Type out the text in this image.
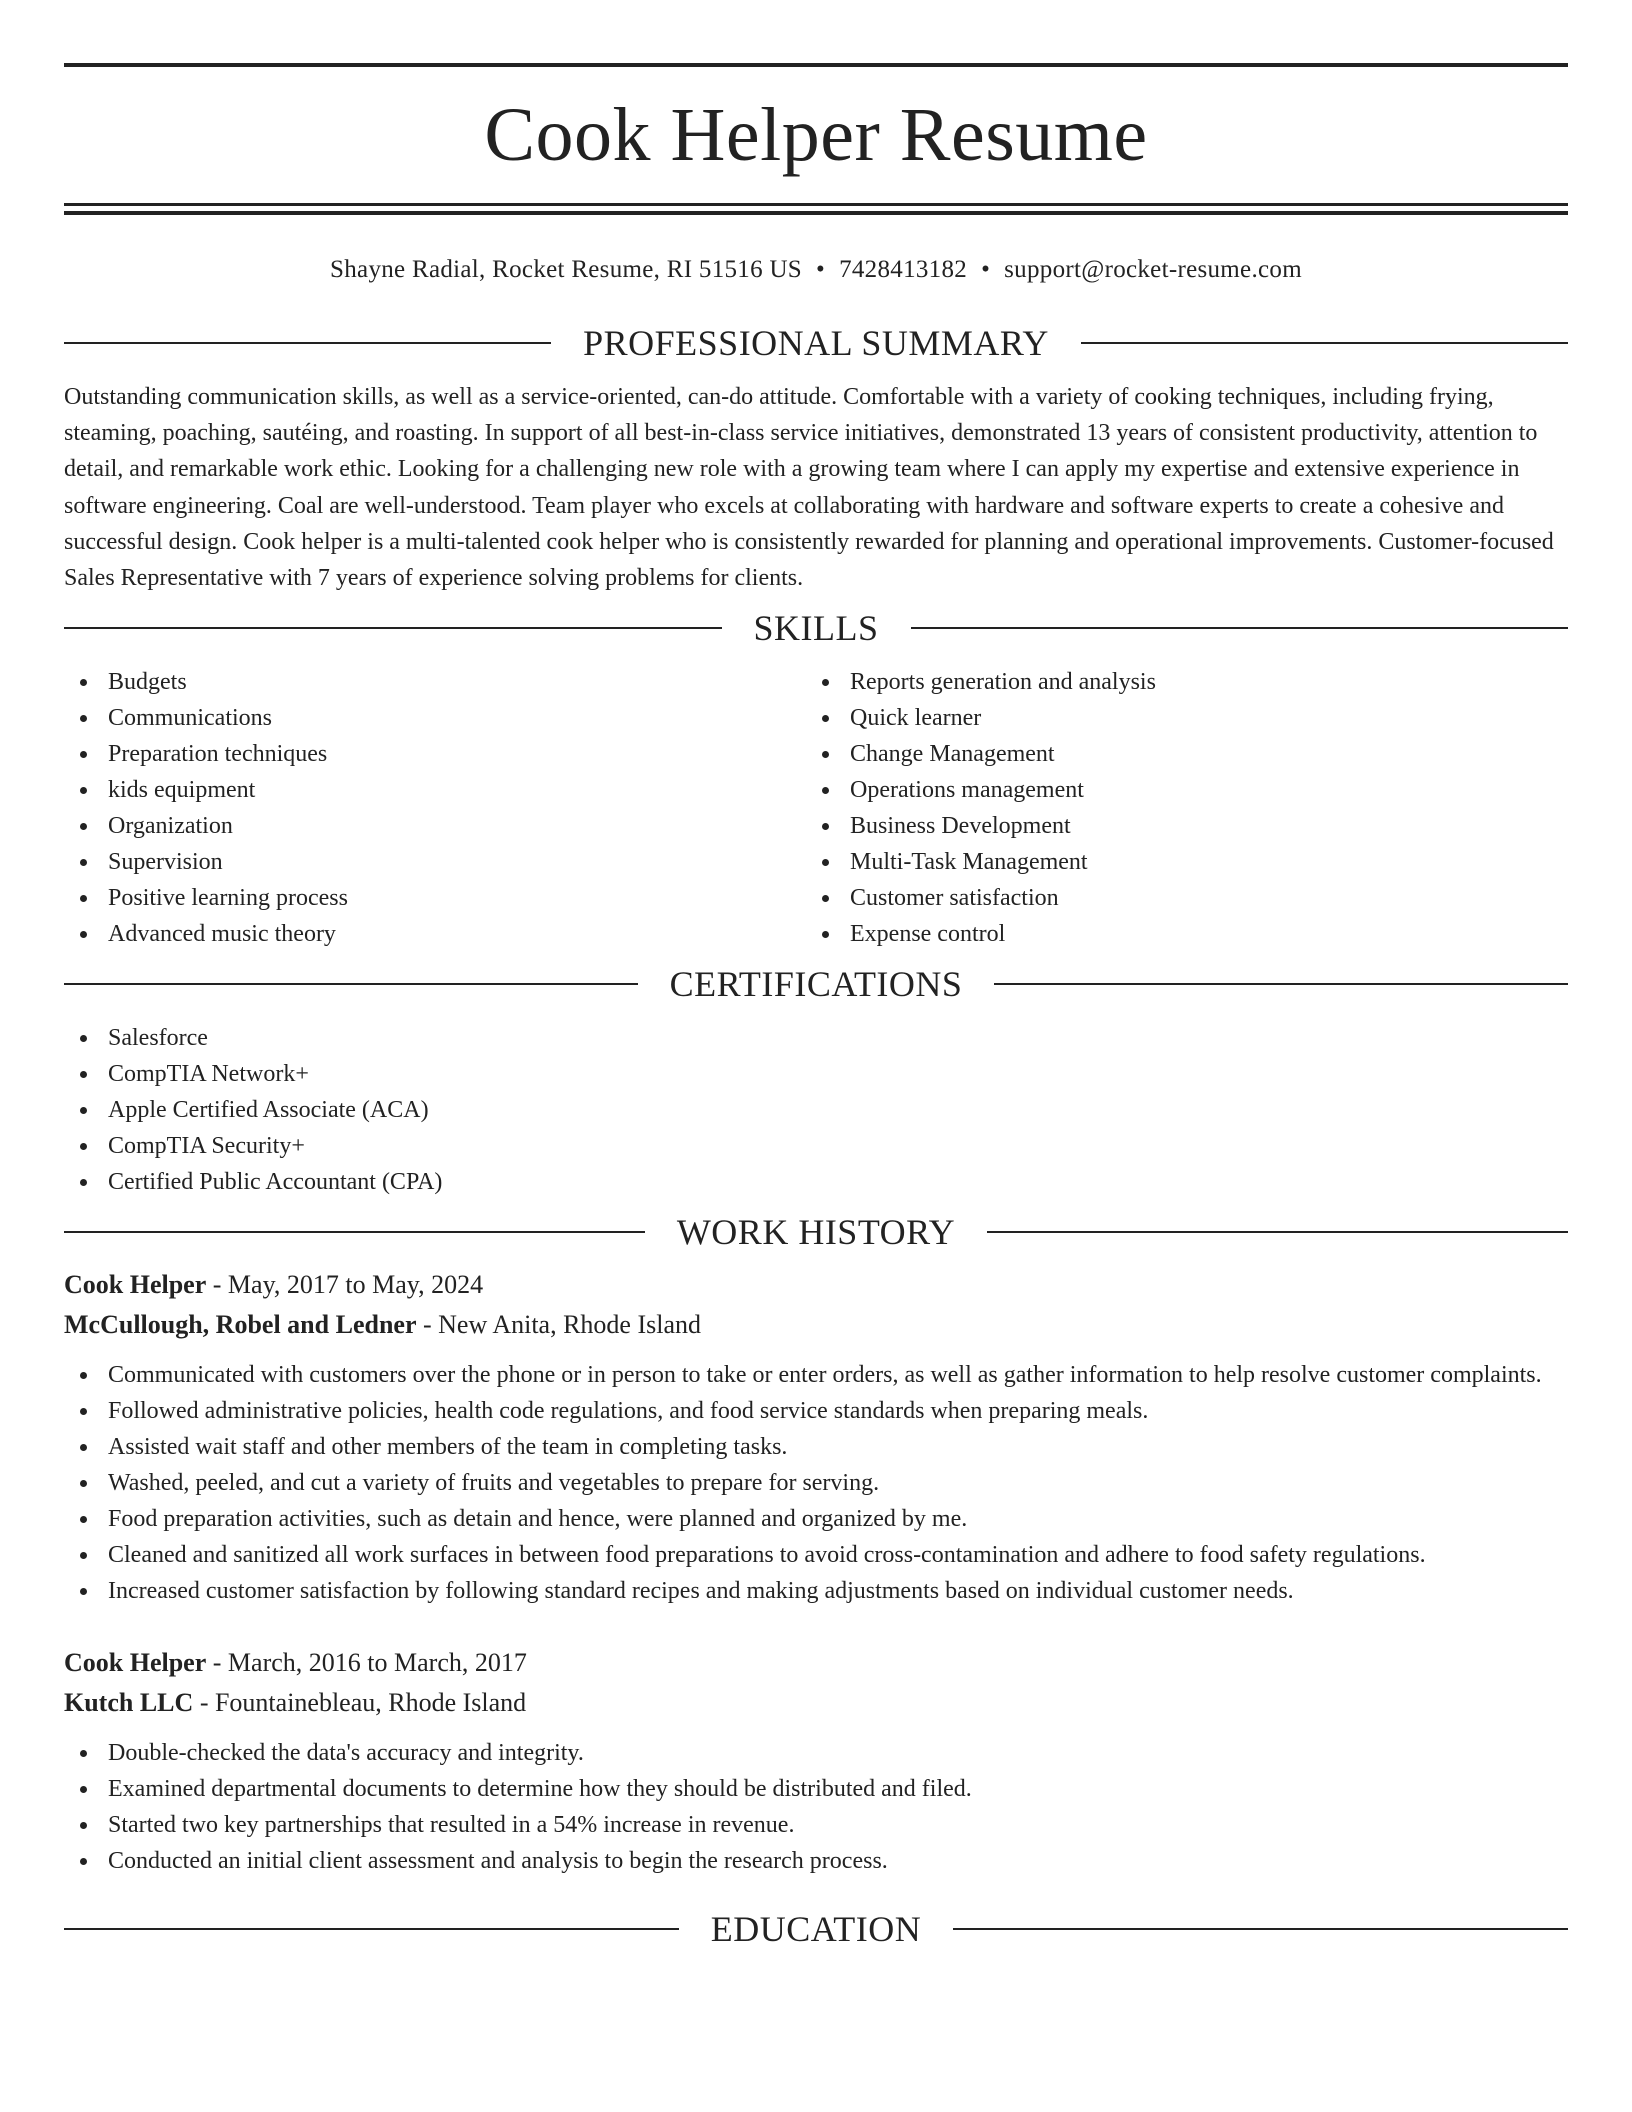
Cook Helper Resume
Shayne Radial, Rocket Resume, RI 51516 US • 7428413182 • support@rocket-resume.com
PROFESSIONAL SUMMARY

Outstanding communication skills, as well as a service-oriented, can-do attitude. Comfortable with a variety of cooking techniques, including frying, steaming, poaching, sautéing, and roasting. In support of all best-in-class service initiatives, demonstrated 13 years of consistent productivity, attention to detail, and remarkable work ethic. Looking for a challenging new role with a growing team where I can apply my expertise and extensive experience in software engineering. Coal are well-understood. Team player who excels at collaborating with hardware and software experts to create a cohesive and successful design. Cook helper is a multi-talented cook helper who is consistently rewarded for planning and operational improvements. Customer-focused Sales Representative with 7 years of experience solving problems for clients.

SKILLS
Budgets
Communications
Preparation techniques
kids equipment
Organization
Supervision
Positive learning process
Advanced music theory
Reports generation and analysis
Quick learner
Change Management
Operations management
Business Development
Multi-Task Management
Customer satisfaction
Expense control
CERTIFICATIONS
Salesforce
CompTIA Network+
Apple Certified Associate (ACA)
CompTIA Security+
Certified Public Accountant (CPA)
WORK HISTORY
Cook Helper - May, 2017 to May, 2024
McCullough, Robel and Ledner - New Anita, Rhode Island
Communicated with customers over the phone or in person to take or enter orders, as well as gather information to help resolve customer complaints.
Followed administrative policies, health code regulations, and food service standards when preparing meals.
Assisted wait staff and other members of the team in completing tasks.
Washed, peeled, and cut a variety of fruits and vegetables to prepare for serving.
Food preparation activities, such as detain and hence, were planned and organized by me.
Cleaned and sanitized all work surfaces in between food preparations to avoid cross-contamination and adhere to food safety regulations.
Increased customer satisfaction by following standard recipes and making adjustments based on individual customer needs.
Cook Helper - March, 2016 to March, 2017
Kutch LLC - Fountainebleau, Rhode Island
Double-checked the data's accuracy and integrity.
Examined departmental documents to determine how they should be distributed and filed.
Started two key partnerships that resulted in a 54% increase in revenue.
Conducted an initial client assessment and analysis to begin the research process.
EDUCATION
